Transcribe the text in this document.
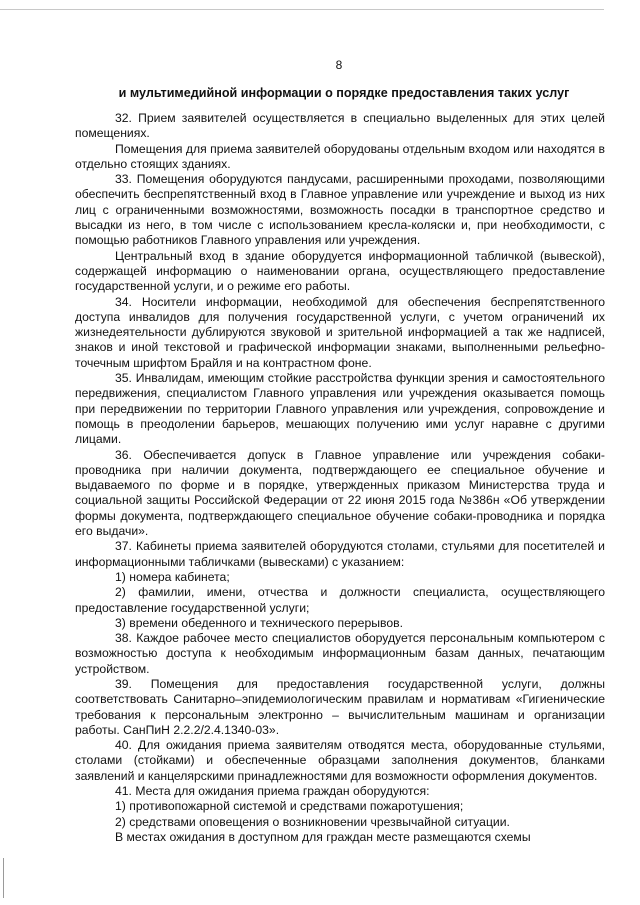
8
и мультимедийной информации о порядке предоставления таких услуг

32. Прием заявителей осуществляется в специально выделенных для этих целей помещениях.

Помещения для приема заявителей оборудованы отдельным входом или находятся в отдельно стоящих зданиях.

33. Помещения оборудуются пандусами, расширенными проходами, позволяющими обеспечить беспрепятственный вход в Главное управление или учреждение и выход из них лиц с ограниченными возможностями, возможность посадки в транспортное средство и высадки из него, в том числе с использованием кресла-коляски и, при необходимости, с помощью работников Главного управления или учреждения.

Центральный вход в здание оборудуется информационной табличкой (вывеской), содержащей информацию о наименовании органа, осуществляющего предоставление государственной услуги, и о режиме его работы.

34. Носители информации, необходимой для обеспечения беспрепятственного доступа инвалидов для получения государственной услуги, с учетом ограничений их жизнедеятельности дублируются звуковой и зрительной информацией а так же надписей, знаков и иной текстовой и графической информации знаками, выполненными рельефно-точечным шрифтом Брайля и на контрастном фоне.

35. Инвалидам, имеющим стойкие расстройства функции зрения и самостоятельного передвижения, специалистом Главного управления или учреждения оказывается помощь при передвижении по территории Главного управления или учреждения, сопровождение и помощь в преодолении барьеров, мешающих получению ими услуг наравне с другими лицами.

36. Обеспечивается допуск в Главное управление или учреждения собаки-проводника при наличии документа, подтверждающего ее специальное обучение и выдаваемого по форме и в порядке, утвержденных приказом Министерства труда и социальной защиты Российской Федерации от 22 июня 2015 года №386н «Об утверждении формы документа, подтверждающего специальное обучение собаки-проводника и порядка его выдачи».

37. Кабинеты приема заявителей оборудуются столами, стульями для посетителей и информационными табличками (вывесками) с указанием:

1) номера кабинета;

2) фамилии, имени, отчества и должности специалиста, осуществляющего предоставление государственной услуги;

3) времени обеденного и технического перерывов.

38. Каждое рабочее место специалистов оборудуется персональным компьютером с возможностью доступа к необходимым информационным базам данных, печатающим устройством.

39. Помещения для предоставления государственной услуги, должны соответствовать Санитарно–эпидемиологическим правилам и нормативам «Гигиенические требования к персональным электронно – вычислительным машинам и организации работы. СанПиН 2.2.2/2.4.1340-03».

40. Для ожидания приема заявителям отводятся места, оборудованные стульями, столами (стойками) и обеспеченные образцами заполнения документов, бланками заявлений и канцелярскими принадлежностями для возможности оформления документов.

41. Места для ожидания приема граждан оборудуются:

1) противопожарной системой и средствами пожаротушения;

2) средствами оповещения о возникновении чрезвычайной ситуации.

В местах ожидания в доступном для граждан месте размещаются схемы
